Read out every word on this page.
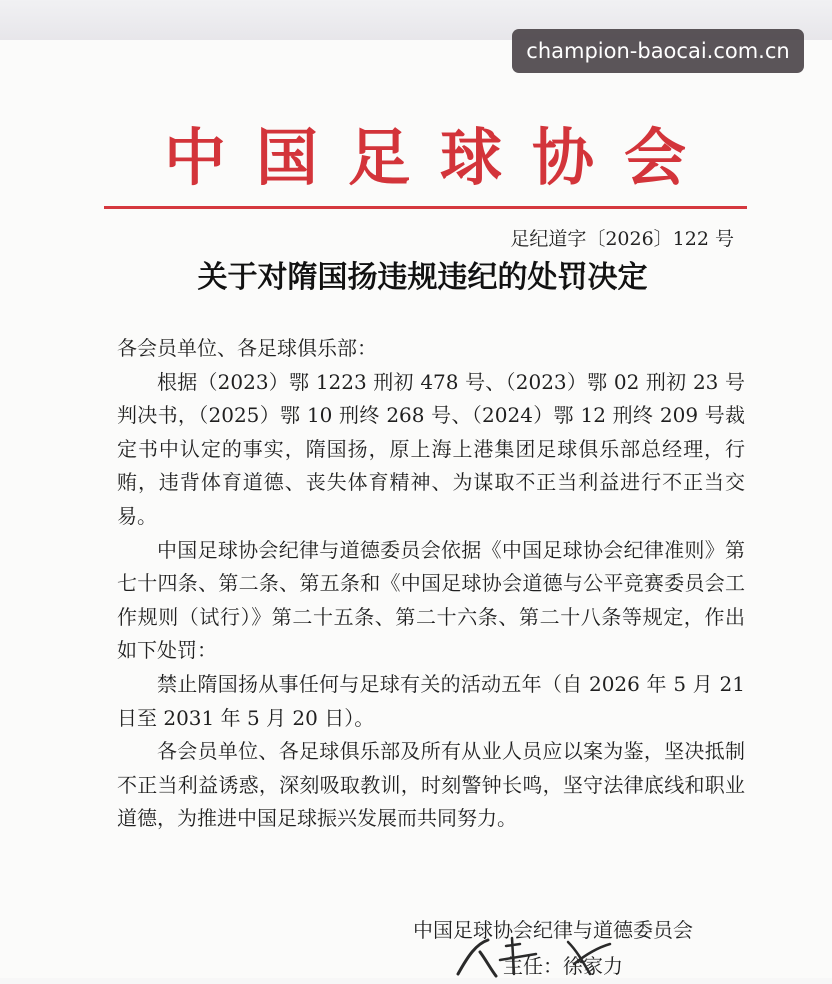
champion-baocai.com.cn
中国足球协会
足纪道字〔2026〕122 号
关于对隋国扬违规违纪的处罚决定

各会员单位、各足球俱乐部：

根据（2023）鄂 1223 刑初 478 号、（2023）鄂 02 刑初 23 号判决书，（2025）鄂 10 刑终 268 号、（2024）鄂 12 刑终 209 号裁定书中认定的事实，隋国扬，原上海上港集团足球俱乐部总经理，行贿，违背体育道德、丧失体育精神、为谋取不正当利益进行不正当交易。

中国足球协会纪律与道德委员会依据《中国足球协会纪律准则》第七十四条、第二条、第五条和《中国足球协会道德与公平竞赛委员会工作规则（试行）》第二十五条、第二十六条、第二十八条等规定，作出如下处罚：

禁止隋国扬从事任何与足球有关的活动五年（自 2026 年 5 月 21 日至 2031 年 5 月 20 日）。

各会员单位、各足球俱乐部及所有从业人员应以案为鉴，坚决抵制不正当利益诱惑，深刻吸取教训，时刻警钟长鸣，坚守法律底线和职业道德，为推进中国足球振兴发展而共同努力。

中国足球协会纪律与道德委员会
主任：徐家力
